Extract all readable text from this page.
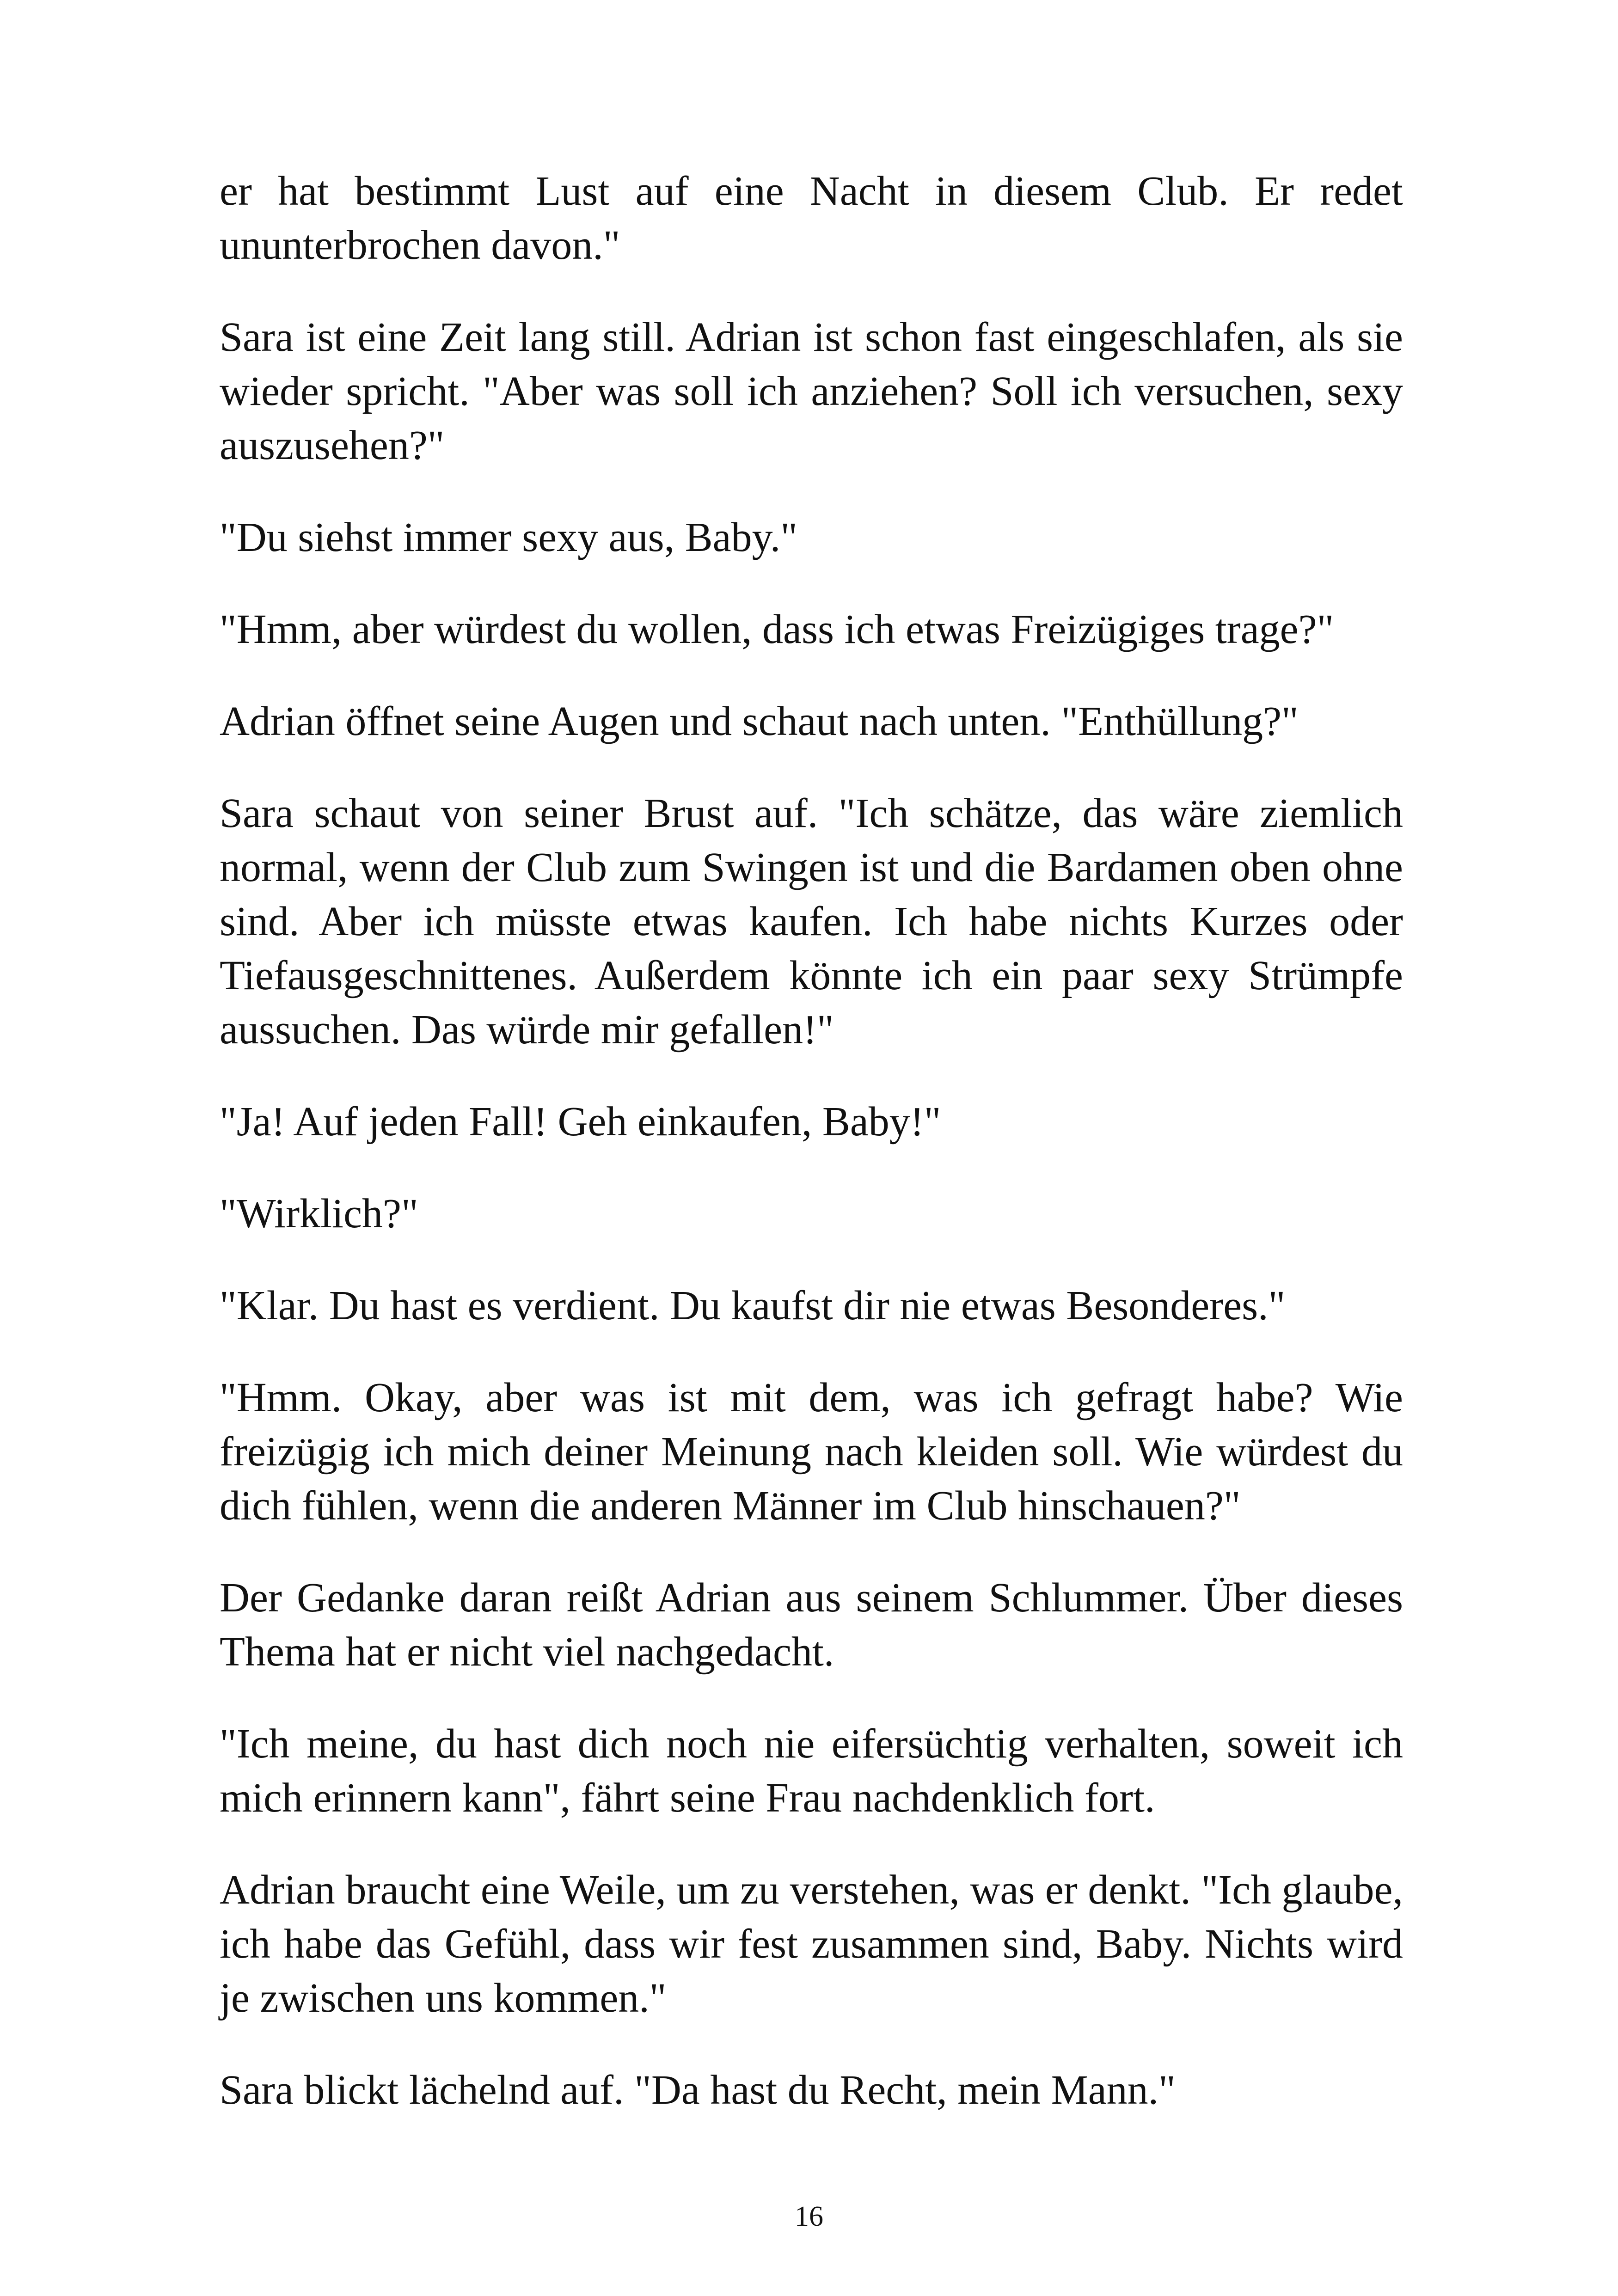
er hat bestimmt Lust auf eine Nacht in diesem Club. Er redet ununterbrochen davon."

Sara ist eine Zeit lang still. Adrian ist schon fast eingeschlafen, als sie wieder spricht. "Aber was soll ich anziehen? Soll ich versuchen, sexy auszusehen?"

"Du siehst immer sexy aus, Baby."

"Hmm, aber würdest du wollen, dass ich etwas Freizügiges trage?"

Adrian öffnet seine Augen und schaut nach unten. "Enthüllung?"

Sara schaut von seiner Brust auf. "Ich schätze, das wäre ziemlich normal, wenn der Club zum Swingen ist und die Bardamen oben ohne sind. Aber ich müsste etwas kaufen. Ich habe nichts Kurzes oder Tiefausgeschnittenes. Außerdem könnte ich ein paar sexy Strümpfe aussuchen. Das würde mir gefallen!"

"Ja! Auf jeden Fall! Geh einkaufen, Baby!"

"Wirklich?"

"Klar. Du hast es verdient. Du kaufst dir nie etwas Besonderes."

"Hmm. Okay, aber was ist mit dem, was ich gefragt habe? Wie freizügig ich mich deiner Meinung nach kleiden soll. Wie würdest du dich fühlen, wenn die anderen Männer im Club hinschauen?"

Der Gedanke daran reißt Adrian aus seinem Schlummer. Über dieses Thema hat er nicht viel nachgedacht.

"Ich meine, du hast dich noch nie eifersüchtig verhalten, soweit ich mich erinnern kann", fährt seine Frau nachdenklich fort.

Adrian braucht eine Weile, um zu verstehen, was er denkt. "Ich glaube, ich habe das Gefühl, dass wir fest zusammen sind, Baby. Nichts wird je zwischen uns kommen."

Sara blickt lächelnd auf. "Da hast du Recht, mein Mann."

16
